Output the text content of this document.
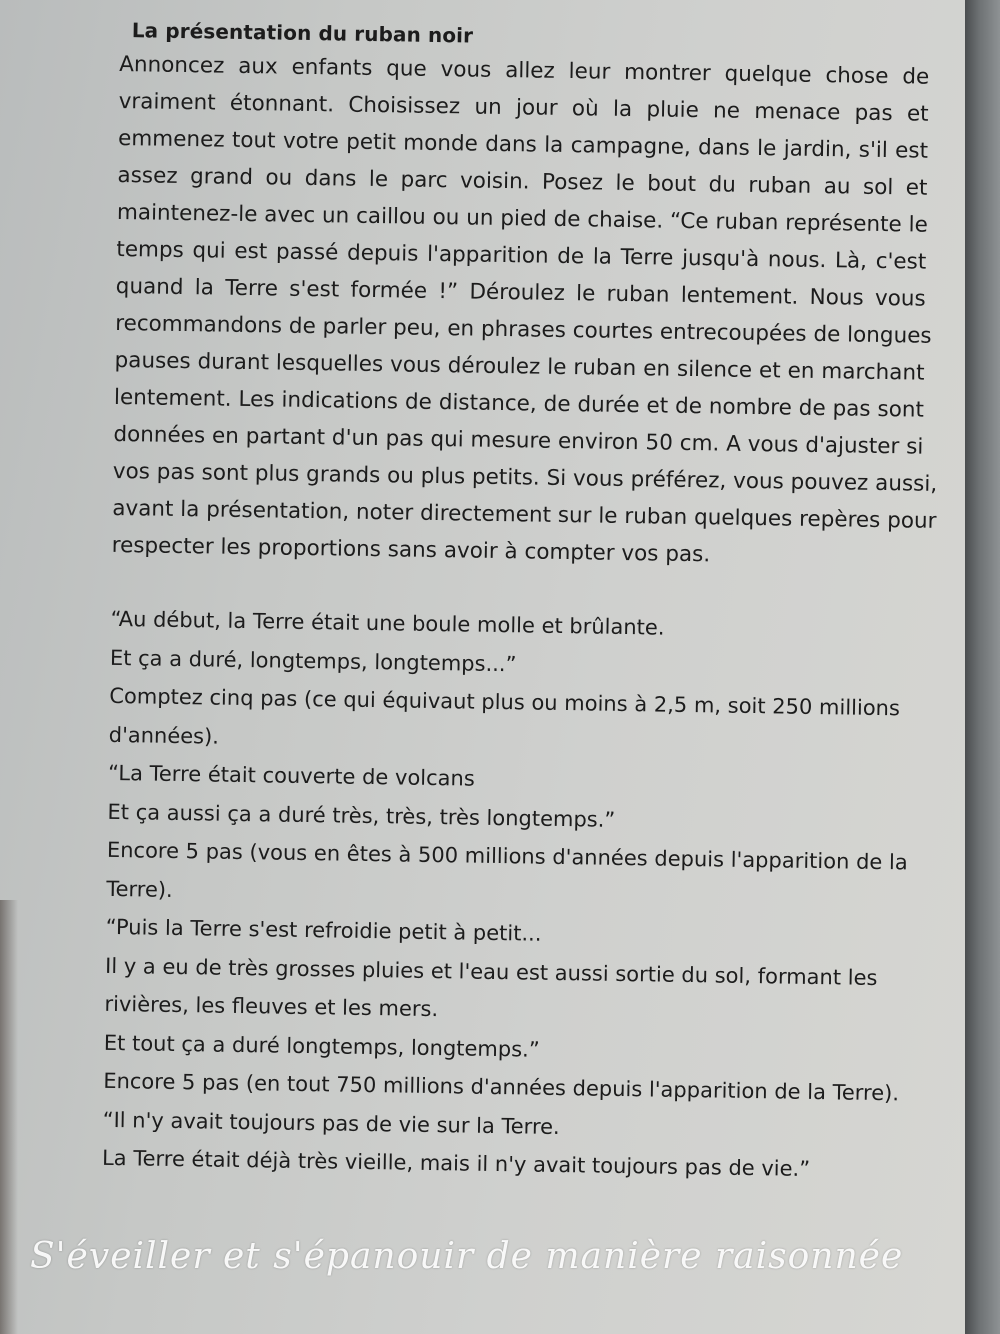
La présentation du ruban noir
Annoncez aux enfants que vous allez leur montrer quelque chose de
vraiment étonnant. Choisissez un jour où la pluie ne menace pas et
emmenez tout votre petit monde dans la campagne, dans le jardin, s'il est
assez grand ou dans le parc voisin. Posez le bout du ruban au sol et
maintenez-le avec un caillou ou un pied de chaise. “Ce ruban représente le
temps qui est passé depuis l'apparition de la Terre jusqu'à nous. Là, c'est
quand la Terre s'est formée !” Déroulez le ruban lentement. Nous vous
recommandons de parler peu, en phrases courtes entrecoupées de longues
pauses durant lesquelles vous déroulez le ruban en silence et en marchant
lentement. Les indications de distance, de durée et de nombre de pas sont
données en partant d'un pas qui mesure environ 50 cm. A vous d'ajuster si
vos pas sont plus grands ou plus petits. Si vous préférez, vous pouvez aussi,
avant la présentation, noter directement sur le ruban quelques repères pour
respecter les proportions sans avoir à compter vos pas.
“Au début, la Terre était une boule molle et brûlante.
Et ça a duré, longtemps, longtemps...”
Comptez cinq pas (ce qui équivaut plus ou moins à 2,5 m, soit 250 millions
d'années).
“La Terre était couverte de volcans
Et ça aussi ça a duré très, très, très longtemps.”
Encore 5 pas (vous en êtes à 500 millions d'années depuis l'apparition de la
Terre).
“Puis la Terre s'est refroidie petit à petit...
Il y a eu de très grosses pluies et l'eau est aussi sortie du sol, formant les
rivières, les fleuves et les mers.
Et tout ça a duré longtemps, longtemps.”
Encore 5 pas (en tout 750 millions d'années depuis l'apparition de la Terre).
“Il n'y avait toujours pas de vie sur la Terre.
La Terre était déjà très vieille, mais il n'y avait toujours pas de vie.”
S'éveiller et s'épanouir de manière raisonnée
